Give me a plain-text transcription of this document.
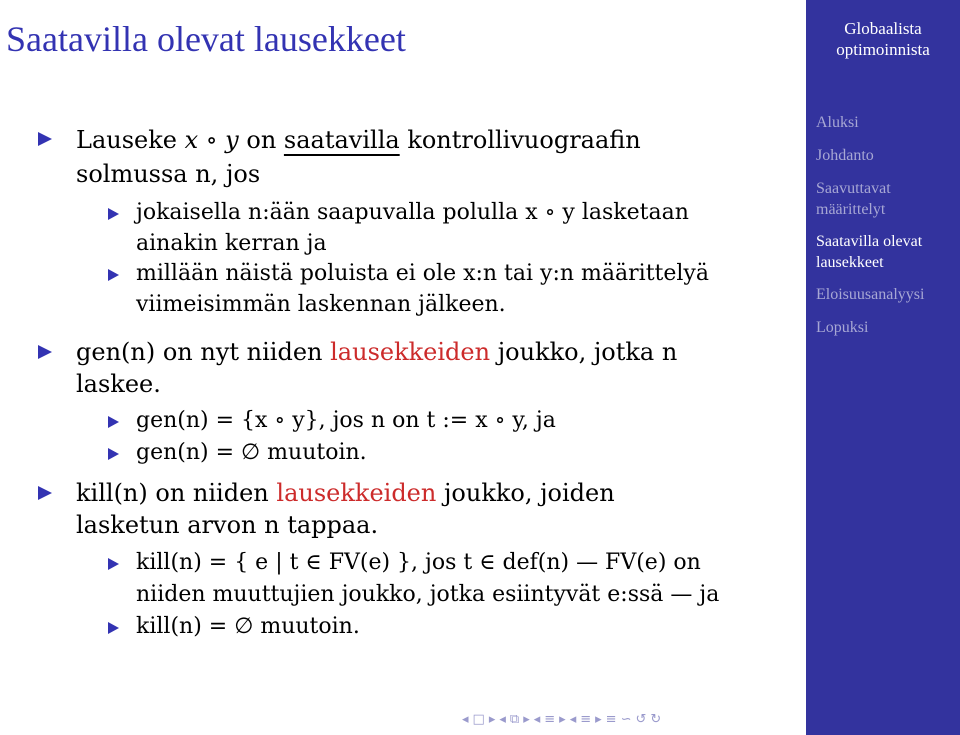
Saatavilla olevat lausekkeet
Lauseke x ∘ y on saatavilla kontrollivuograafin
solmussa n, jos
jokaisella n:ään saapuvalla polulla x ∘ y lasketaan
ainakin kerran ja
millään näistä poluista ei ole x:n tai y:n määrittelyä
viimeisimmän laskennan jälkeen.
gen(n) on nyt niiden lausekkeiden joukko, jotka n
laskee.
gen(n) = {x ∘ y}, jos n on t := x ∘ y, ja
gen(n) = ∅ muutoin.
kill(n) on niiden lausekkeiden joukko, joiden
lasketun arvon n tappaa.
kill(n) = { e | t ∈ FV(e) }, jos t ∈ def(n) — FV(e) on
niiden muuttujien joukko, jotka esiintyvät e:ssä — ja
kill(n) = ∅ muutoin.
Globaalista
optimoinnista
Aluksi
Johdanto
Saavuttavat
määrittelyt
Saatavilla olevat
lausekkeet
Eloisuusanalyysi
Lopuksi
◂ □ ▸ ◂ ⧉ ▸ ◂ ≡ ▸ ◂ ≡ ▸ ≡ ∽ ↺ ↻
